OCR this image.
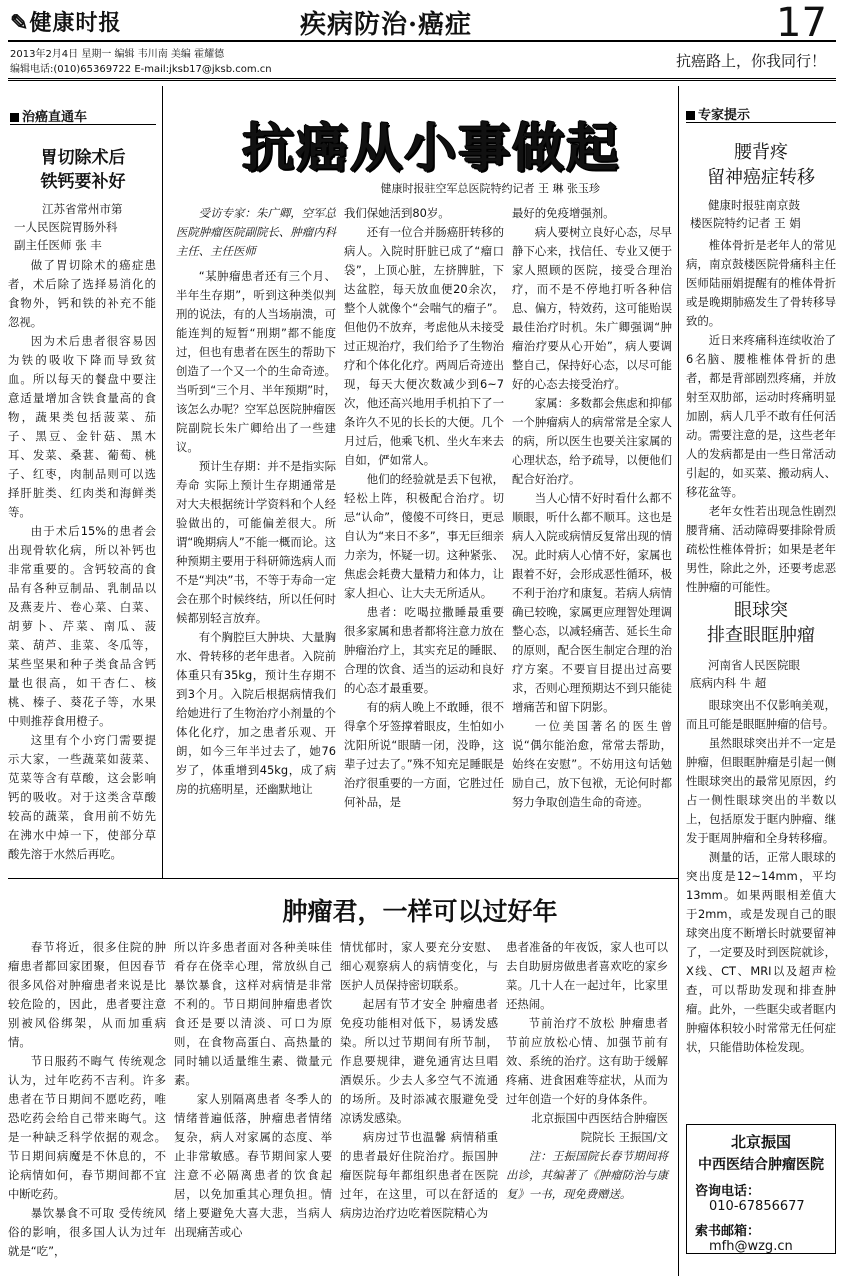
✎健康时报	疾病防治·癌症	17
2013年2月4日 星期一 编辑 韦川南 美编 霍耀德
编辑电话:(010)65369722 E-mail:jksb17@jksb.com.cn	抗癌路上，你我同行！
治癌直通车
胃切除术后
铁钙要补好
江苏省常州市第
一人民医院胃肠外科
副主任医师 张 丰

做了胃切除术的癌症患者，术后除了选择易消化的食物外，钙和铁的补充不能忽视。

因为术后患者很容易因为铁的吸收下降而导致贫血。所以每天的餐盘中要注意适量增加含铁食量高的食物，蔬果类包括菠菜、茄子、黑豆、金针菇、黑木耳、发菜、桑葚、葡萄、桃子、红枣，肉制品则可以选择肝脏类、红肉类和海鲜类等。

由于术后15%的患者会出现骨软化病，所以补钙也非常重要的。含钙较高的食品有各种豆制品、乳制品以及燕麦片、卷心菜、白菜、胡萝卜、芹菜、南瓜、菠菜、葫芦、韭菜、冬瓜等，某些坚果和种子类食品含钙量也很高，如干杏仁、核桃、榛子、葵花子等，水果中则推荐食用橙子。

这里有个小窍门需要提示大家，一些蔬菜如菠菜、苋菜等含有草酸，这会影响钙的吸收。对于这类含草酸较高的蔬菜，食用前不妨先在沸水中焯一下，使部分草酸先溶于水然后再吃。

抗癌从小事做起
健康时报驻空军总医院特约记者 王 琳 张玉珍

受访专家：朱广卿，空军总医院肿瘤医院副院长、肿瘤内科主任、主任医师

“某肿瘤患者还有三个月、半年生存期”，听到这种类似判刑的说法，有的人当场崩溃，可能连判的短暂“刑期”都不能度过，但也有患者在医生的帮助下创造了一个又一个的生命奇迹。当听到“三个月、半年预期”时，该怎么办呢？空军总医院肿瘤医院副院长朱广卿给出了一些建议。

预计生存期：并不是指实际寿命 实际上预计生存期通常是对大夫根据统计学资料和个人经验做出的，可能偏差很大。所谓“晚期病人”不能一概而论。这种预期主要用于科研筛选病人而不是“判决”书，不等于寿命一定会在那个时候终结，所以任何时候都别轻言放弃。

有个胸腔巨大肿块、大量胸水、骨转移的老年患者。入院前体重只有35kg，预计生存期不到3个月。入院后根据病情我们给她进行了生物治疗小剂量的个体化化疗，加之患者乐观、开朗，如今三年半过去了，她76岁了，体重增到45kg，成了病房的抗癌明星，还幽默地让

我们保她活到80岁。

还有一位合并肠癌肝转移的病人。入院时肝脏已成了“瘤口袋”，上顶心脏，左挤脾脏，下达盆腔，每天放血便20余次，整个人就像个“会喘气的瘤子”。但他仍不放弃，考虑他从未接受过正规治疗，我们给予了生物治疗和个体化化疗。两周后奇迹出现，每天大便次数减少到6~7次，他还高兴地用手机拍下了一条许久不见的长长的大便。几个月过后，他乘飞机、坐火车来去自如，俨如常人。

他们的经验就是丢下包袱，轻松上阵，积极配合治疗。切忌“认命”，傻傻不可终日，更忌自认为“来日不多”，事无巨细亲力亲为，怀疑一切。这种紧张、焦虑会耗费大量精力和体力，让家人担心、让大夫无所适从。

患者：吃喝拉撒睡最重要 很多家属和患者都将注意力放在肿瘤治疗上，其实充足的睡眠、合理的饮食、适当的运动和良好的心态才最重要。

有的病人晚上不敢睡，很不得拿个牙签撑着眼皮，生怕如小沈阳所说“眼睛一闭，没睁，这辈子过去了。”殊不知充足睡眠是治疗很重要的一方面，它胜过任何补品，是

最好的免疫增强剂。

病人要树立良好心态，尽早静下心来，找信任、专业又便于家人照顾的医院，接受合理治疗，而不是不停地打听各种信息、偏方，特效药，这可能贻误最佳治疗时机。朱广卿强调“肿瘤治疗要从心开始”，病人要调整自己，保持好心态，以尽可能好的心态去接受治疗。

家属：多数都会焦虑和抑郁 一个肿瘤病人的病常常是全家人的病，所以医生也要关注家属的心理状态，给予疏导，以便他们配合好治疗。

当人心情不好时看什么都不顺眼，听什么都不顺耳。这也是病人入院或病情反复常出现的情况。此时病人心情不好，家属也跟着不好，会形成恶性循环，极不利于治疗和康复。若病人病情确已较晚，家属更应理智处理调整心态，以减轻痛苦、延长生命的原则，配合医生制定合理的治疗方案。不要盲目提出过高要求，否则心理预期达不到只能徒增痛苦和留下阴影。

一位美国著名的医生曾说“偶尔能治愈，常常去帮助，始终在安慰”。不妨用这句话勉励自己，放下包袱，无论何时都努力争取创造生命的奇迹。

肿瘤君，一样可以过好年

春节将近，很多住院的肿瘤患者都回家团聚，但因春节很多风俗对肿瘤患者来说是比较危险的，因此，患者要注意别被风俗绑架，从而加重病情。

节日服药不晦气 传统观念认为，过年吃药不吉利。许多患者在节日期间不愿吃药，唯恐吃药会给自己带来晦气。这是一种缺乏科学依据的观念。节日期间病魔是不休息的，不论病情如何，春节期间都不宜中断吃药。

暴饮暴食不可取 受传统风俗的影响，很多国人认为过年就是“吃”，

所以许多患者面对各种美味佳肴存在侥幸心理，常放纵自己暴饮暴食，这样对病情是非常不利的。节日期间肿瘤患者饮食还是要以清淡、可口为原则，在食物高蛋白、高热量的同时辅以适量维生素、微量元素。

家人别隔离患者 冬季人的情绪普遍低落，肿瘤患者情绪复杂，病人对家属的态度、举止非常敏感。春节期间家人要注意不必隔离患者的饮食起居，以免加重其心理负担。情绪上要避免大喜大悲，当病人出现痛苦或心

情忧郁时，家人要充分安慰、细心观察病人的病情变化，与医护人员保持密切联系。

起居有节才安全 肿瘤患者免疫功能相对低下，易诱发感染。所以过节期间有所节制，作息要规律，避免通宵达旦唱酒娱乐。少去人多空气不流通的场所。及时添减衣服避免受凉诱发感染。

病房过节也温馨 病情稍重的患者最好住院治疗。振国肿瘤医院每年都组织患者在医院过年，在这里，可以在舒适的病房边治疗边吃着医院精心为

患者准备的年夜饭，家人也可以去自助厨房做患者喜欢吃的家乡菜。几十人在一起过年，比家里还热闹。

节前治疗不放松 肿瘤患者节前应放松心情、加强节前有效、系统的治疗。这有助于缓解疼痛、进食困难等症状，从而为过年创造一个好的身体条件。

北京振国中西医结合肿瘤医院院长 王振国/文

注：王振国院长春节期间将出诊，其编著了《肿瘤防治与康复》一书，现免费赠送。

专家提示
腰背疼
留神癌症转移
健康时报驻南京鼓
楼医院特约记者 王 娟

椎体骨折是老年人的常见病，南京鼓楼医院骨痛科主任医师陆丽娟提醒有的椎体骨折或是晚期肺癌发生了骨转移导致的。

近日来疼痛科连续收治了6名脑、腰椎椎体骨折的患者，都是背部剧烈疼痛，并放射至双肋部，运动时疼痛明显加剧，病人几乎不敢有任何活动。需要注意的是，这些老年人的发病都是由一些日常活动引起的，如买菜、搬动病人、移花盆等。

老年女性若出现急性剧烈腰背痛、活动障碍要排除骨质疏松性椎体骨折；如果是老年男性，除此之外，还要考虑恶性肿瘤的可能性。

眼球突
排查眼眶肿瘤
河南省人民医院眼
底病内科 牛 超

眼球突出不仅影响美观，而且可能是眼眶肿瘤的信号。

虽然眼球突出并不一定是肿瘤，但眼眶肿瘤是引起一侧性眼球突出的最常见原因，约占一侧性眼球突出的半数以上，包括原发于眶内肿瘤、继发于眶周肿瘤和全身转移瘤。

测量的话，正常人眼球的突出度是12~14mm，平均13mm。如果两眼相差值大于2mm，或是发现自己的眼球突出度不断增长时就要留神了，一定要及时到医院就诊，X线、CT、MRI以及超声检查，可以帮助发现和排查肿瘤。此外，一些眶尖或者眶内肿瘤体积较小时常常无任何症状，只能借助体检发现。

北京振国
中西医结合肿瘤医院
咨询电话：
010-67856677
索书邮箱：
mfh@wzg.cn
